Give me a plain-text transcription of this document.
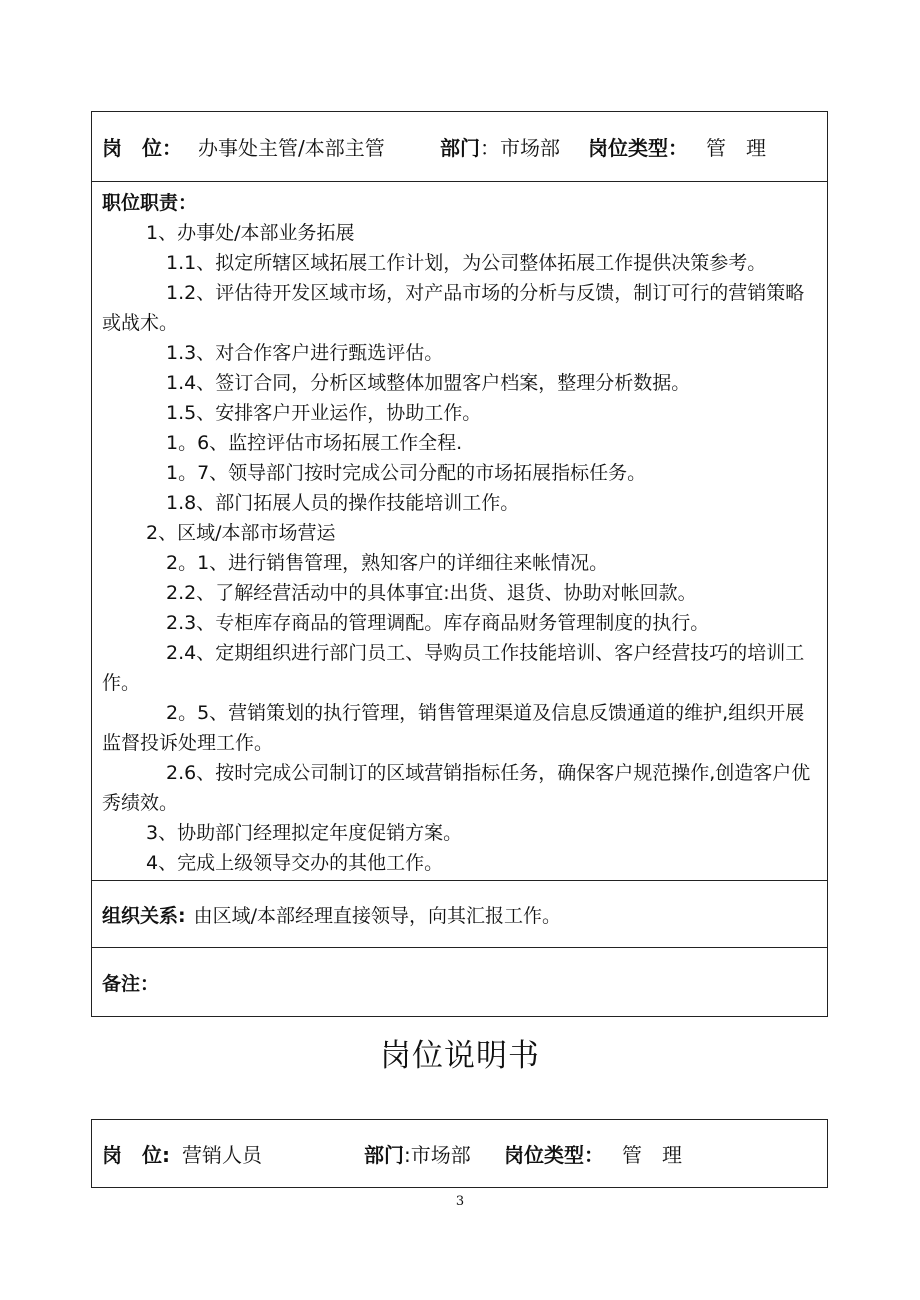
岗　位： 办事处主管/本部主管	部门 ：市场部	岗位类型： 管　理
职位职责：
1、办事处/本部业务拓展
1.1、拟定所辖区域拓展工作计划，为公司整体拓展工作提供决策参考。
1.2、评估待开发区域市场，对产品市场的分析与反馈，制订可行的营销策略或战术。
1.3、对合作客户进行甄选评估。
1.4、签订合同，分析区域整体加盟客户档案，整理分析数据。
1.5、安排客户开业运作，协助工作。
1。6、监控评估市场拓展工作全程.
1。7、领导部门按时完成公司分配的市场拓展指标任务。
1.8、部门拓展人员的操作技能培训工作。
2、区域/本部市场营运
2。1、进行销售管理，熟知客户的详细往来帐情况。
2.2、了解经营活动中的具体事宜:出货、退货、协助对帐回款。
2.3、专柜库存商品的管理调配。库存商品财务管理制度的执行。
2.4、定期组织进行部门员工、导购员工作技能培训、客户经营技巧的培训工作。
2。5、营销策划的执行管理，销售管理渠道及信息反馈通道的维护,组织开展监督投诉处理工作。
2.6、按时完成公司制订的区域营销指标任务，确保客户规范操作,创造客户优秀绩效。
3、协助部门经理拟定年度促销方案。
4、完成上级领导交办的其他工作。
组织关系: 由区域/本部经理直接领导，向其汇报工作。
备注：
岗位说明书
岗　位: 营销人员	部门 :市场部	岗位类型： 管　理
3
